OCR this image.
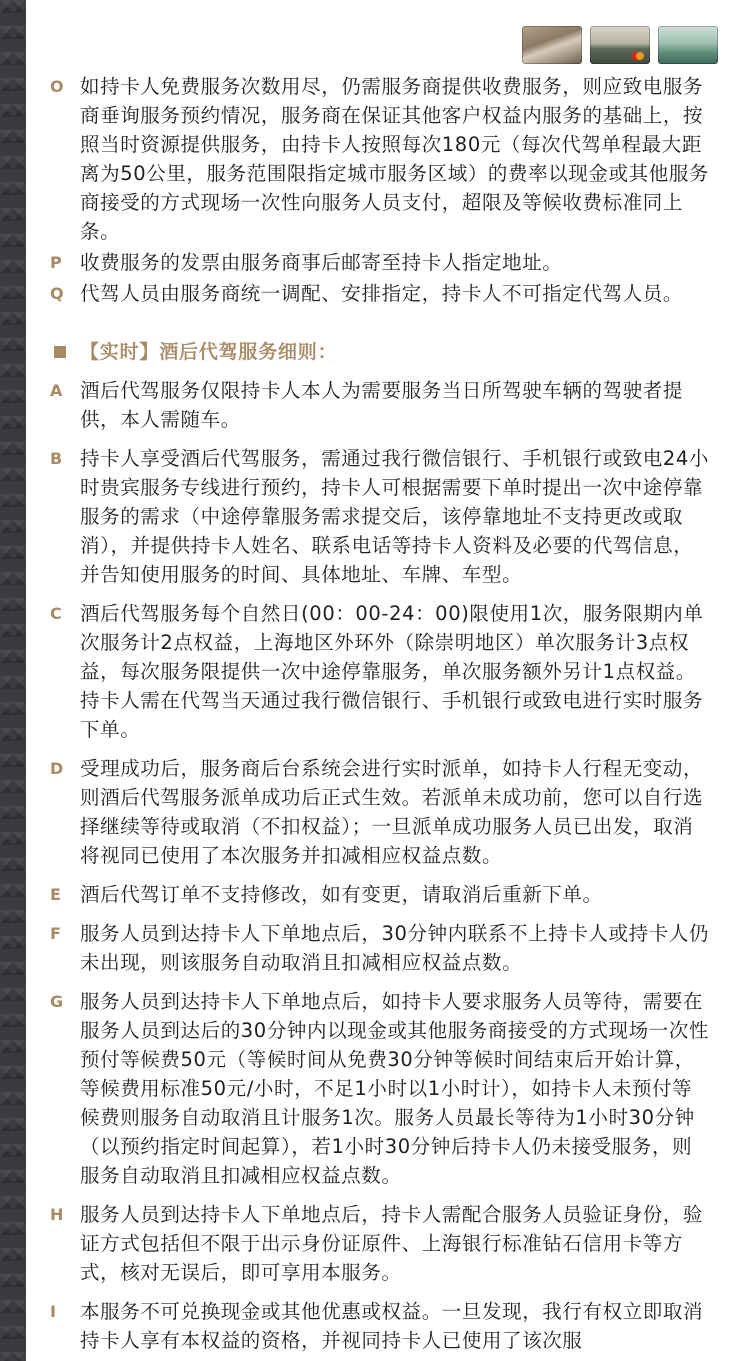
O 如持卡人免费服务次数用尽，仍需服务商提供收费服务，则应致电服务商垂询服务预约情况，服务商在保证其他客户权益内服务的基础上，按照当时资源提供服务，由持卡人按照每次180元（每次代驾单程最大距离为50公里，服务范围限指定城市服务区域）的费率以现金或其他服务商接受的方式现场一次性向服务人员支付，超限及等候收费标准同上条。
P 收费服务的发票由服务商事后邮寄至持卡人指定地址。
Q 代驾人员由服务商统一调配、安排指定，持卡人不可指定代驾人员。
【实时】酒后代驾服务细则：
A 酒后代驾服务仅限持卡人本人为需要服务当日所驾驶车辆的驾驶者提供，本人需随车。
B 持卡人享受酒后代驾服务，需通过我行微信银行、手机银行或致电24小时贵宾服务专线进行预约，持卡人可根据需要下单时提出一次中途停靠服务的需求（中途停靠服务需求提交后，该停靠地址不支持更改或取消），并提供持卡人姓名、联系电话等持卡人资料及必要的代驾信息，并告知使用服务的时间、具体地址、车牌、车型。
C 酒后代驾服务每个自然日(00：00-24：00)限使用1次，服务限期内单次服务计2点权益，上海地区外环外（除崇明地区）单次服务计3点权益，每次服务限提供一次中途停靠服务，单次服务额外另计1点权益。持卡人需在代驾当天通过我行微信银行、手机银行或致电进行实时服务下单。
D 受理成功后，服务商后台系统会进行实时派单，如持卡人行程无变动，则酒后代驾服务派单成功后正式生效。若派单未成功前，您可以自行选择继续等待或取消（不扣权益）；一旦派单成功服务人员已出发，取消将视同已使用了本次服务并扣减相应权益点数。
E 酒后代驾订单不支持修改，如有变更，请取消后重新下单。
F 服务人员到达持卡人下单地点后，30分钟内联系不上持卡人或持卡人仍未出现，则该服务自动取消且扣减相应权益点数。
G 服务人员到达持卡人下单地点后，如持卡人要求服务人员等待，需要在服务人员到达后的30分钟内以现金或其他服务商接受的方式现场一次性预付等候费50元（等候时间从免费30分钟等候时间结束后开始计算，等候费用标准50元/小时，不足1小时以1小时计），如持卡人未预付等候费则服务自动取消且计服务1次。服务人员最长等待为1小时30分钟（以预约指定时间起算），若1小时30分钟后持卡人仍未接受服务，则服务自动取消且扣减相应权益点数。
H 服务人员到达持卡人下单地点后，持卡人需配合服务人员验证身份，验证方式包括但不限于出示身份证原件、上海银行标准钻石信用卡等方式，核对无误后，即可享用本服务。
I	本服务不可兑换现金或其他优惠或权益。一旦发现，我行有权立即取消持卡人享有本权益的资格，并视同持卡人已使用了该次服
